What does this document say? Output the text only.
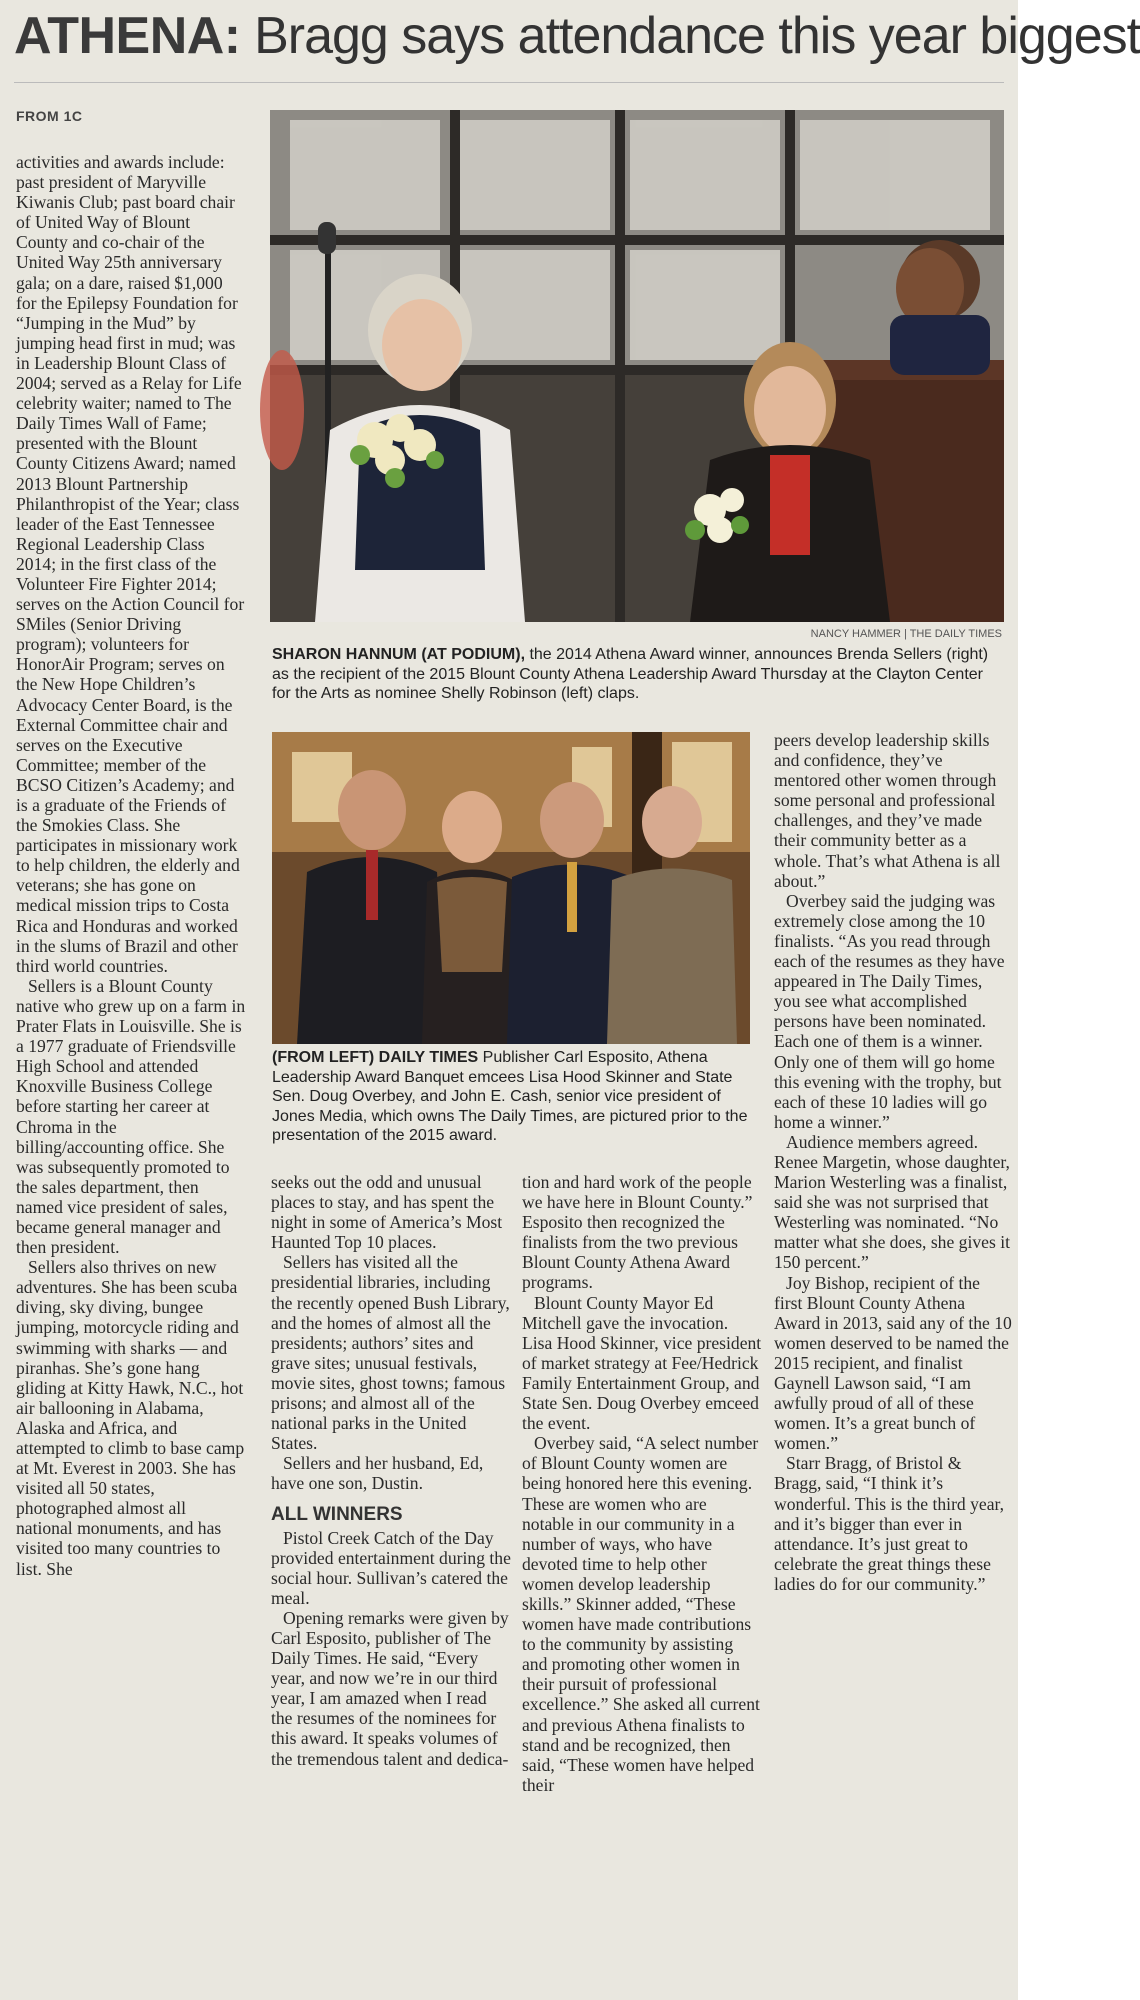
ATHENA: Bragg says attendance this year biggest
FROM 1C

activities and awards include: past president of Maryville Kiwanis Club; past board chair of United Way of Blount County and co-chair of the United Way 25th anniversary gala; on a dare, raised $1,000 for the Epilepsy Foundation for “Jumping in the Mud” by jumping head first in mud; was in Leadership Blount Class of 2004; served as a Relay for Life celebrity waiter; named to The Daily Times Wall of Fame; presented with the Blount County Citizens Award; named 2013 Blount Partnership Philanthropist of the Year; class leader of the East Tennessee Regional Leadership Class 2014; in the first class of the Volunteer Fire Fighter 2014; serves on the Action Council for SMiles (Senior Driving program); volunteers for HonorAir Program; serves on the New Hope Children’s Advocacy Center Board, is the External Committee chair and serves on the Executive Committee; member of the BCSO Citizen’s Academy; and is a graduate of the Friends of the Smokies Class. She participates in missionary work to help children, the elderly and veterans; she has gone on medical mission trips to Costa Rica and Honduras and worked in the slums of Brazil and other third world countries.

Sellers is a Blount County native who grew up on a farm in Prater Flats in Louisville. She is a 1977 graduate of Friendsville High School and attended Knoxville Business College before starting her career at Chroma in the billing/accounting office. She was subsequently promoted to the sales department, then named vice president of sales, became general manager and then president.

Sellers also thrives on new adventures. She has been scuba diving, sky diving, bungee jumping, motorcycle riding and swimming with sharks — and piranhas. She’s gone hang gliding at Kitty Hawk, N.C., hot air ballooning in Alabama, Alaska and Africa, and attempted to climb to base camp at Mt. Everest in 2003. She has visited all 50 states, photographed almost all national monuments, and has visited too many countries to list. She

NANCY HAMMER | THE DAILY TIMES
SHARON HANNUM (AT PODIUM), the 2014 Athena Award winner, announces Brenda Sellers (right) as the recipient of the 2015 Blount County Athena Leadership Award Thursday at the Clayton Center for the Arts as nominee Shelly Robinson (left) claps.
(FROM LEFT) DAILY TIMES Publisher Carl Esposito, Athena Leadership Award Banquet emcees Lisa Hood Skinner and State Sen. Doug Overbey, and John E. Cash, senior vice president of Jones Media, which owns The Daily Times, are pictured prior to the presentation of the 2015 award.

seeks out the odd and unusual places to stay, and has spent the night in some of America’s Most Haunted Top 10 places.

Sellers has visited all the presidential libraries, including the recently opened Bush Library, and the homes of almost all the presidents; authors’ sites and grave sites; unusual festivals, movie sites, ghost towns; famous prisons; and almost all of the national parks in the United States.

Sellers and her husband, Ed, have one son, Dustin.

ALL WINNERS

Pistol Creek Catch of the Day provided entertainment during the social hour. Sullivan’s catered the meal.

Opening remarks were given by Carl Esposito, publisher of The Daily Times. He said, “Every year, and now we’re in our third year, I am amazed when I read the resumes of the nominees for this award. It speaks volumes of the tremendous talent and dedica-

tion and hard work of the people we have here in Blount County.” Esposito then recognized the finalists from the two previous Blount County Athena Award programs.

Blount County Mayor Ed Mitchell gave the invocation. Lisa Hood Skinner, vice president of market strategy at Fee/Hedrick Family Entertainment Group, and State Sen. Doug Overbey emceed the event.

Overbey said, “A select number of Blount County women are being honored here this evening. These are women who are notable in our community in a number of ways, who have devoted time to help other women develop leadership skills.” Skinner added, “These women have made contributions to the community by assisting and promoting other women in their pursuit of professional excellence.” She asked all current and previous Athena finalists to stand and be recognized, then said, “These women have helped their

peers develop leadership skills and confidence, they’ve mentored other women through some personal and professional challenges, and they’ve made their community better as a whole. That’s what Athena is all about.”

Overbey said the judging was extremely close among the 10 finalists. “As you read through each of the resumes as they have appeared in The Daily Times, you see what accomplished persons have been nominated. Each one of them is a winner. Only one of them will go home this evening with the trophy, but each of these 10 ladies will go home a winner.”

Audience members agreed. Renee Margetin, whose daughter, Marion Westerling was a finalist, said she was not surprised that Westerling was nominated. “No matter what she does, she gives it 150 percent.”

Joy Bishop, recipient of the first Blount County Athena Award in 2013, said any of the 10 women deserved to be named the 2015 recipient, and finalist Gaynell Lawson said, “I am awfully proud of all of these women. It’s a great bunch of women.”

Starr Bragg, of Bristol & Bragg, said, “I think it’s wonderful. This is the third year, and it’s bigger than ever in attendance. It’s just great to celebrate the great things these ladies do for our community.”
